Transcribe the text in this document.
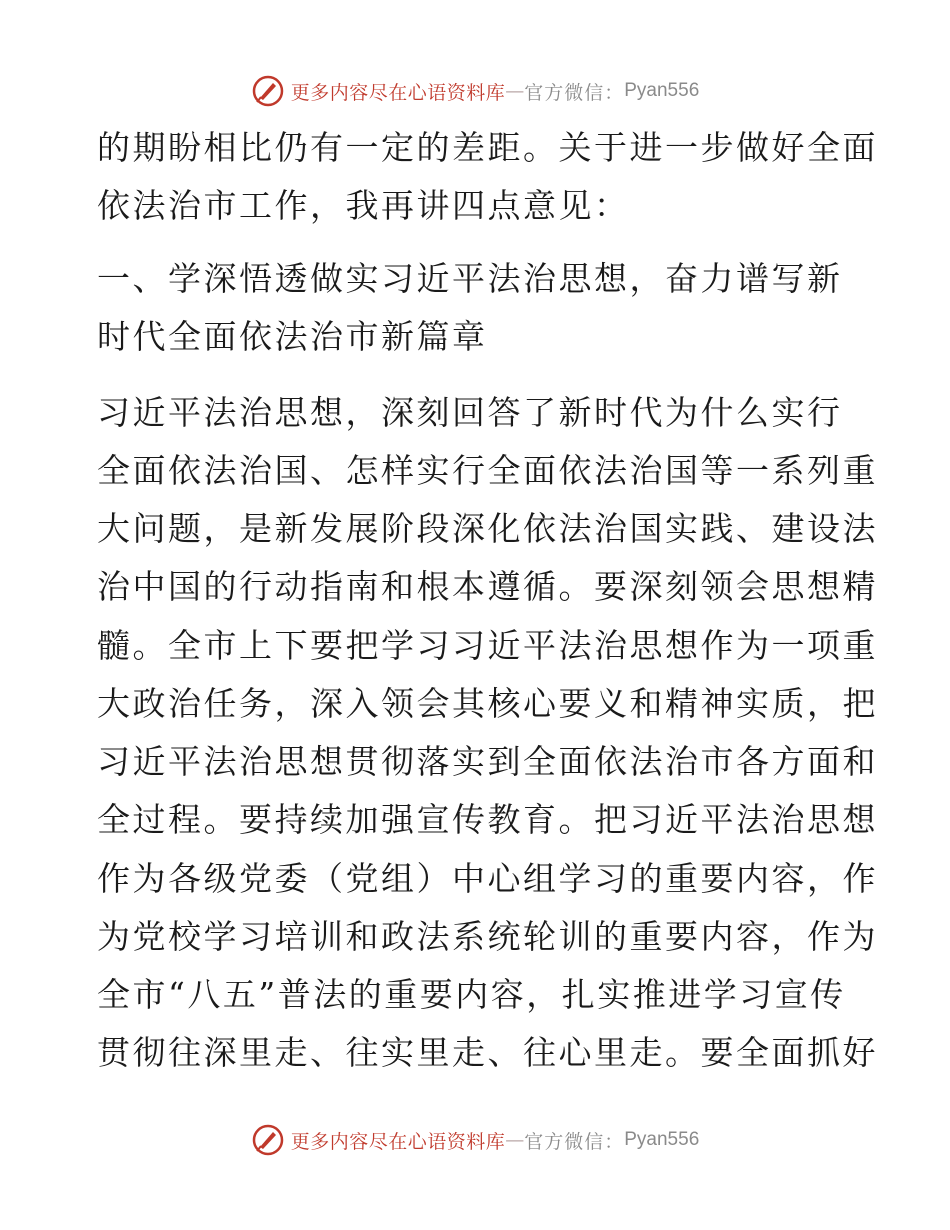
更多内容尽在心语资料库 — 官方微信： Pyan556
的期盼相比仍有一定的差距。关于进一步做好全面
依法治市工作，我再讲四点意见：
一、学深悟透做实习近平法治思想，奋力谱写新
时代全面依法治市新篇章
习近平法治思想，深刻回答了新时代为什么实行
全面依法治国、怎样实行全面依法治国等一系列重
大问题，是新发展阶段深化依法治国实践、建设法
治中国的行动指南和根本遵循。要深刻领会思想精
髓。全市上下要把学习习近平法治思想作为一项重
大政治任务，深入领会其核心要义和精神实质，把
习近平法治思想贯彻落实到全面依法治市各方面和
全过程。要持续加强宣传教育。把习近平法治思想
作为各级党委（党组）中心组学习的重要内容，作
为党校学习培训和政法系统轮训的重要内容，作为
全市“八五”普法的重要内容，扎实推进学习宣传
贯彻往深里走、往实里走、往心里走。要全面抓好
更多内容尽在心语资料库 — 官方微信： Pyan556
